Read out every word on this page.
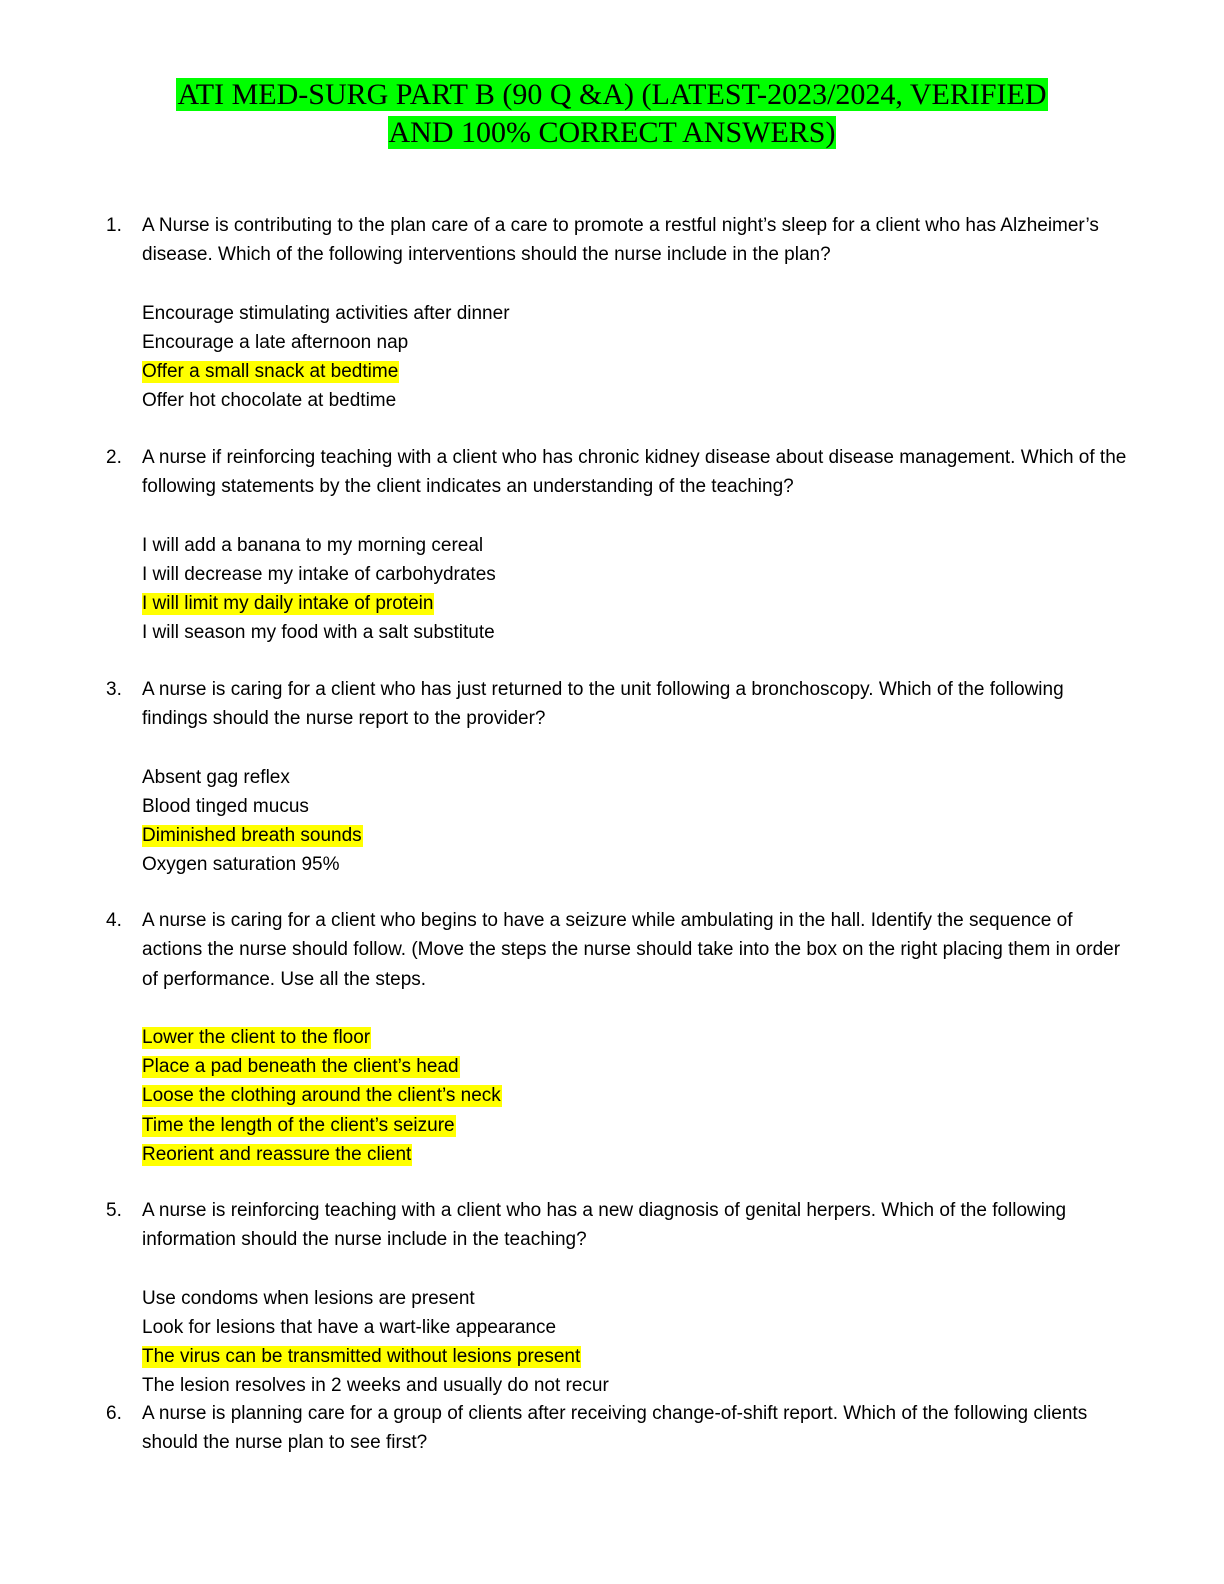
ATI MED-SURG PART B (90 Q &A) (LATEST-2023/2024, VERIFIED
AND 100% CORRECT ANSWERS)
1. A Nurse is contributing to the plan care of a care to promote a restful night’s sleep for a client who has Alzheimer’s disease. Which of the following interventions should the nurse include in the plan?
Encourage stimulating activities after dinner
Encourage a late afternoon nap
Offer a small snack at bedtime
Offer hot chocolate at bedtime
2. A nurse if reinforcing teaching with a client who has chronic kidney disease about disease management. Which of the following statements by the client indicates an understanding of the teaching?
I will add a banana to my morning cereal
I will decrease my intake of carbohydrates
I will limit my daily intake of protein
I will season my food with a salt substitute
3. A nurse is caring for a client who has just returned to the unit following a bronchoscopy. Which of the following findings should the nurse report to the provider?
Absent gag reflex
Blood tinged mucus
Diminished breath sounds
Oxygen saturation 95%
4. A nurse is caring for a client who begins to have a seizure while ambulating in the hall. Identify the sequence of actions the nurse should follow. (Move the steps the nurse should take into the box on the right placing them in order of performance. Use all the steps.
Lower the client to the floor
Place a pad beneath the client’s head
Loose the clothing around the client’s neck
Time the length of the client’s seizure
Reorient and reassure the client
5. A nurse is reinforcing teaching with a client who has a new diagnosis of genital herpers. Which of the following information should the nurse include in the teaching?
Use condoms when lesions are present
Look for lesions that have a wart-like appearance
The virus can be transmitted without lesions present
The lesion resolves in 2 weeks and usually do not recur
6. A nurse is planning care for a group of clients after receiving change-of-shift report. Which of the following clients should the nurse plan to see first?
